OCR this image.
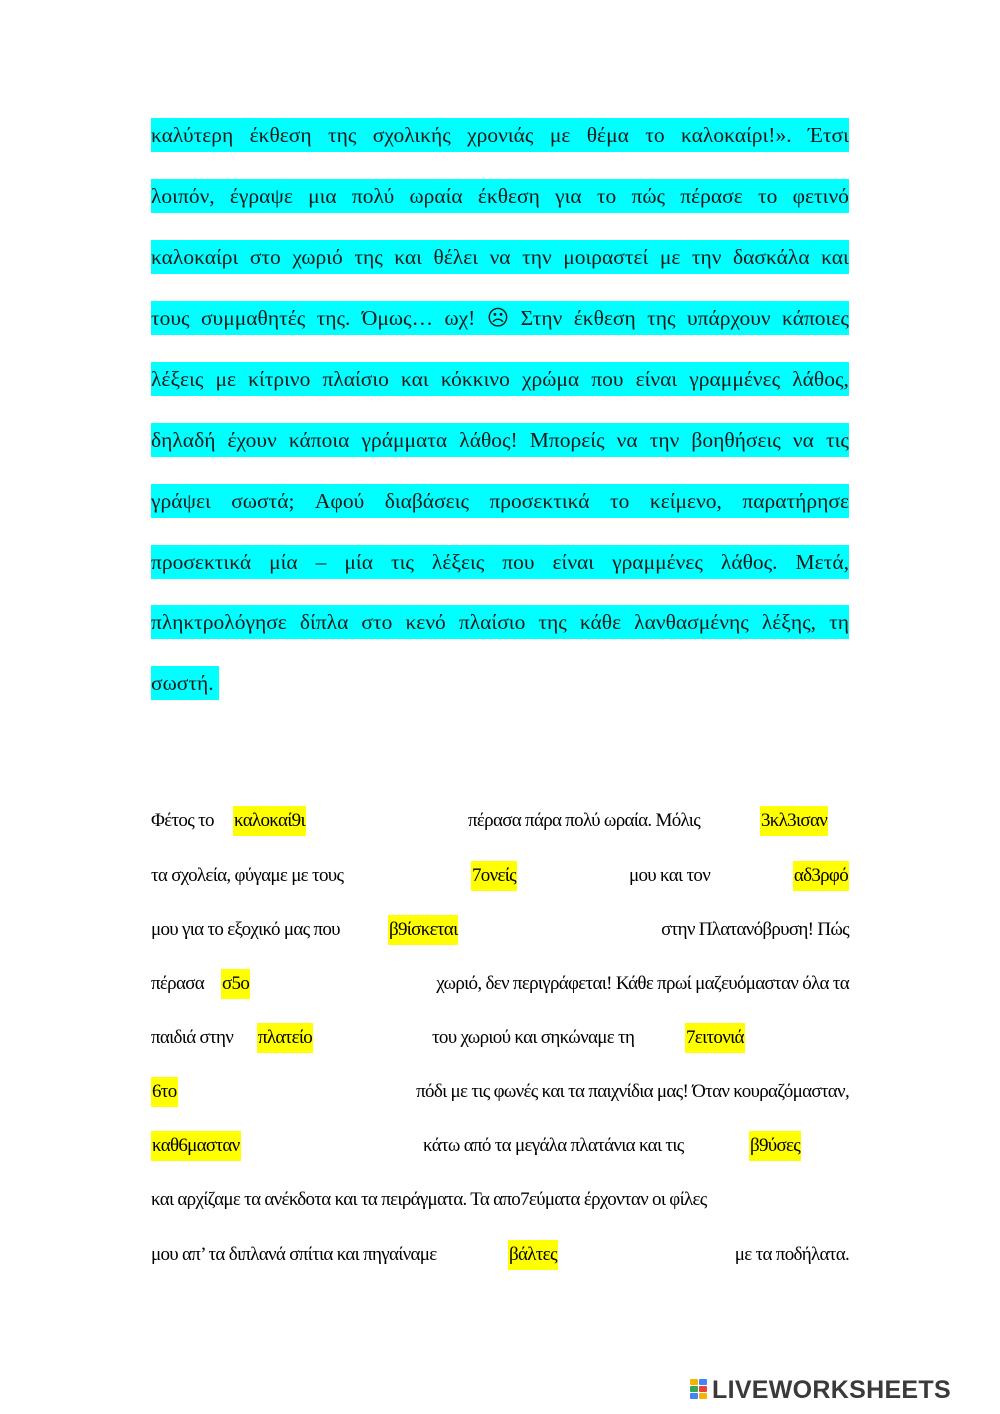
καλύτερη έκθεση της σχολικής χρονιάς με θέμα το καλοκαίρι!». Έτσι
λοιπόν, έγραψε μια πολύ ωραία έκθεση για το πώς πέρασε το φετινό
καλοκαίρι στο χωριό της και θέλει να την μοιραστεί με την δασκάλα και
τους συμμαθητές της. Όμως… ωχ! ☹ Στην έκθεση της υπάρχουν κάποιες
λέξεις με κίτρινο πλαίσιο και κόκκινο χρώμα που είναι γραμμένες λάθος,
δηλαδή έχουν κάποια γράμματα λάθος! Μπορείς να την βοηθήσεις να τις
γράψει σωστά; Αφού διαβάσεις προσεκτικά το κείμενο, παρατήρησε
προσεκτικά μία – μία τις λέξεις που είναι γραμμένες λάθος. Μετά,
πληκτρολόγησε δίπλα στο κενό πλαίσιο της κάθε λανθασμένης λέξης, τη
σωστή.
Φέτος το καλοκαί9ι	πέρασα πάρα πολύ ωραία. Μόλις	3κλ3ισαν
τα σχολεία, φύγαμε με τους	7ονείς	μου και τον	αδ3ρφό
μου για το εξοχικό μας που	β9ίσκεται	στην Πλατανόβρυση! Πώς
πέρασα σ5ο	χωριό, δεν περιγράφεται! Κάθε πρωί μαζευόμασταν όλα τα
παιδιά στην πλατείο	του χωριού και σηκώναμε τη	7ειτονιά
6το	πόδι με τις φωνές και τα παιχνίδια μας! Όταν κουραζόμασταν,
καθ6μασταν	κάτω από τα μεγάλα πλατάνια και τις	β9ύσες
και αρχίζαμε τα ανέκδοτα και τα πειράγματα. Τα απο7εύματα έρχονταν οι φίλες
μου απ’ τα διπλανά σπίτια και πηγαίναμε	βάλτες	με τα ποδήλατα.
LIVEWORKSHEETS
